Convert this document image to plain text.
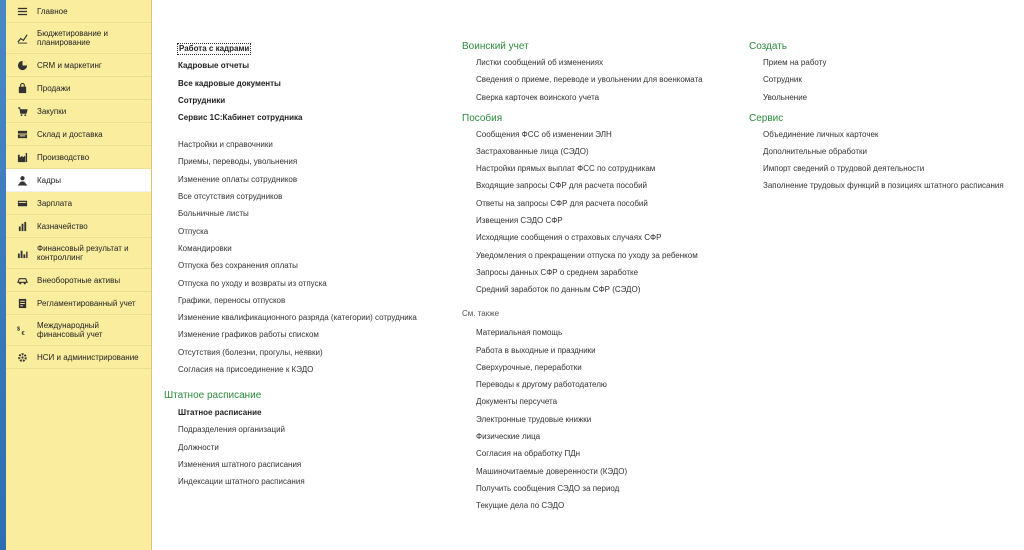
Главное
Бюджетирование и планирование
CRM и маркетинг
Продажи
Закупки
Склад и доставка
Производство
Кадры
Зарплата
Казначейство
Финансовый результат и контроллинг
Внеоборотные активы
Регламентированный учет
$
€
Международный финансовый учет
НСИ и администрирование
Работа с кадрами
Кадровые отчеты
Все кадровые документы
Сотрудники
Сервис 1С:Кабинет сотрудника
Настройки и справочники
Приемы, переводы, увольнения
Изменение оплаты сотрудников
Все отсутствия сотрудников
Больничные листы
Отпуска
Командировки
Отпуска без сохранения оплаты
Отпуска по уходу и возвраты из отпуска
Графики, переносы отпусков
Изменение квалификационного разряда (категории) сотрудника
Изменение графиков работы списком
Отсутствия (болезни, прогулы, неявки)
Согласия на присоединение к КЭДО
Штатное расписание
Штатное расписание
Подразделения организаций
Должности
Изменения штатного расписания
Индексации штатного расписания
Воинский учет
Листки сообщений об изменениях
Сведения о приеме, переводе и увольнении для военкомата
Сверка карточек воинского учета
Пособия
Сообщения ФСС об изменении ЭЛН
Застрахованные лица (СЭДО)
Настройки прямых выплат ФСС по сотрудникам
Входящие запросы СФР для расчета пособий
Ответы на запросы СФР для расчета пособий
Извещения СЭДО СФР
Исходящие сообщения о страховых случаях СФР
Уведомления о прекращении отпуска по уходу за ребенком
Запросы данных СФР о среднем заработке
Средний заработок по данным СФР (СЭДО)
См. также
Материальная помощь
Работа в выходные и праздники
Сверхурочные, переработки
Переводы к другому работодателю
Документы персучета
Электронные трудовые книжки
Физические лица
Согласия на обработку ПДн
Машиночитаемые доверенности (КЭДО)
Получить сообщения СЭДО за период
Текущие дела по СЭДО
Создать
Прием на работу
Сотрудник
Увольнение
Сервис
Объединение личных карточек
Дополнительные обработки
Импорт сведений о трудовой деятельности
Заполнение трудовых функций в позициях штатного расписания
